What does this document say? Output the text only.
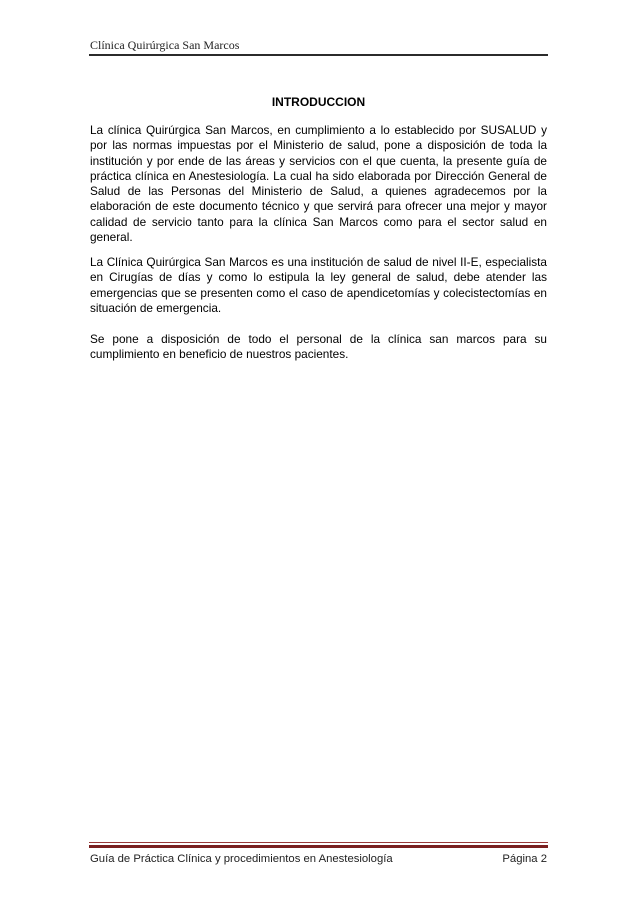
Clínica Quirúrgica San Marcos
INTRODUCCION

La clínica Quirúrgica San Marcos, en cumplimiento a lo establecido por SUSALUD y por las normas impuestas por el Ministerio de salud, pone a disposición de toda la institución y por ende de las áreas y servicios con el que cuenta, la presente guía de práctica clínica en Anestesiología. La cual ha sido elaborada por Dirección General de Salud de las Personas del Ministerio de Salud, a quienes agradecemos por la elaboración de este documento técnico y que servirá para ofrecer una mejor y mayor calidad de servicio tanto para la clínica San Marcos como para el sector salud en general.

La Clínica Quirúrgica San Marcos es una institución de salud de nivel II-E, especialista en Cirugías de días y como lo estipula la ley general de salud, debe atender las emergencias que se presenten como el caso de apendicetomías y colecistectomías en situación de emergencia.

Se pone a disposición de todo el personal de la clínica san marcos para su cumplimiento en beneficio de nuestros pacientes.

Guía de Práctica Clínica y procedimientos en Anestesiología	Página 2
